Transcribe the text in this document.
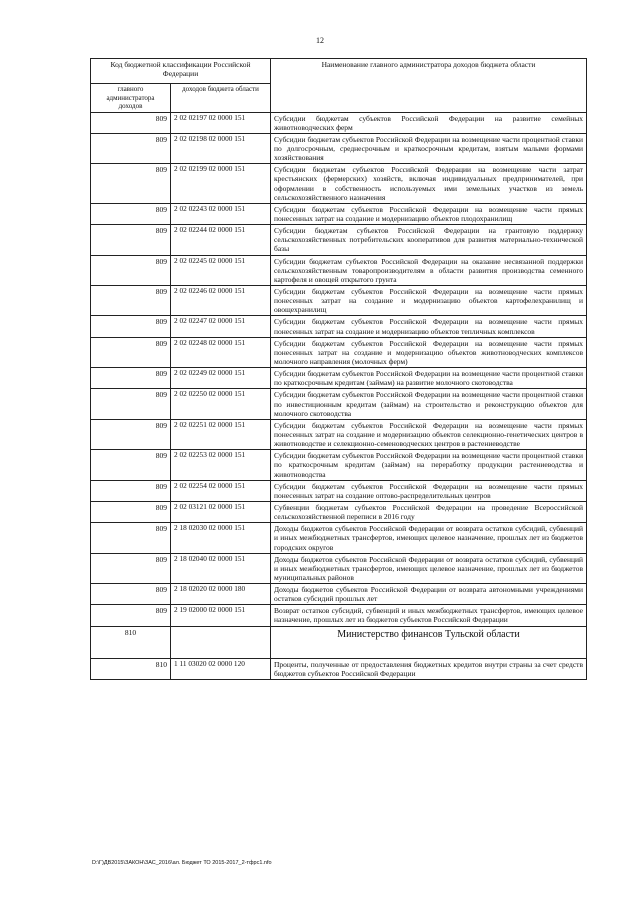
12
Код бюджетной классификации Российской Федерации		Наименование главного администратора доходов бюджета области
главного администратора доходов	доходов бюджета области	
809	2 02 02197 02 0000 151	Субсидии бюджетам субъектов Российской Федерации на развитие семейных животноводческих ферм
809	2 02 02198 02 0000 151	Субсидии бюджетам субъектов Российской Федерации на возмещение части процентной ставки по долгосрочным, среднесрочным и краткосрочным кредитам, взятым малыми формами хозяйствования
809	2 02 02199 02 0000 151	Субсидии бюджетам субъектов Российской Федерации на возмещение части затрат крестьянских (фермерских) хозяйств, включая индивидуальных предпринимателей, при оформлении в собственность используемых ими земельных участков из земель сельскохозяйственного назначения
809	2 02 02243 02 0000 151	Субсидии бюджетам субъектов Российской Федерации на возмещение части прямых понесенных затрат на создание и модернизацию объектов плодохранилищ
809	2 02 02244 02 0000 151	Субсидии бюджетам субъектов Российской Федерации на грантовую поддержку сельскохозяйственных потребительских кооперативов для развития материально-технической базы
809	2 02 02245 02 0000 151	Субсидии бюджетам субъектов Российской Федерации на оказание несвязанной поддержки сельскохозяйственным товаропроизводителям в области развития производства семенного картофеля и овощей открытого грунта
809	2 02 02246 02 0000 151	Субсидии бюджетам субъектов Российской Федерации на возмещение части прямых понесенных затрат на создание и модернизацию объектов картофелехранилищ и овощехранилищ
809	2 02 02247 02 0000 151	Субсидии бюджетам субъектов Российской Федерации на возмещение части прямых понесенных затрат на создание и модернизацию объектов тепличных комплексов
809	2 02 02248 02 0000 151	Субсидии бюджетам субъектов Российской Федерации на возмещение части прямых понесенных затрат на создание и модернизацию объектов животноводческих комплексов молочного направления (молочных ферм)
809	2 02 02249 02 0000 151	Субсидии бюджетам субъектов Российской Федерации на возмещение части процентной ставки по краткосрочным кредитам (займам) на развитие молочного скотоводства
809	2 02 02250 02 0000 151	Субсидии бюджетам субъектов Российской Федерации на возмещение части процентной ставки по инвестиционным кредитам (займам) на строительство и реконструкцию объектов для молочного скотоводства
809	2 02 02251 02 0000 151	Субсидии бюджетам субъектов Российской Федерации на возмещение части прямых понесенных затрат на создание и модернизацию объектов селекционно-генетических центров в животноводстве и селекционно-семеноводческих центров в растениеводстве
809	2 02 02253 02 0000 151	Субсидии бюджетам субъектов Российской Федерации на возмещение части процентной ставки по краткосрочным кредитам (займам) на переработку продукции растениеводства и животноводства
809	2 02 02254 02 0000 151	Субсидии бюджетам субъектов Российской Федерации на возмещение части прямых понесенных затрат на создание оптово-распределительных центров
809	2 02 03121 02 0000 151	Субвенции бюджетам субъектов Российской Федерации на проведение Всероссийской сельскохозяйственной переписи в 2016 году
809	2 18 02030 02 0000 151	Доходы бюджетов субъектов Российской Федерации от возврата остатков субсидий, субвенций и иных межбюджетных трансфертов, имеющих целевое назначение, прошлых лет из бюджетов городских округов
809	2 18 02040 02 0000 151	Доходы бюджетов субъектов Российской Федерации от возврата остатков субсидий, субвенций и иных межбюджетных трансфертов, имеющих целевое назначение, прошлых лет из бюджетов муниципальных районов
809	2 18 02020 02 0000 180	Доходы бюджетов субъектов Российской Федерации от возврата автономными учреждениями остатков субсидий прошлых лет
809	2 19 02000 02 0000 151	Возврат остатков субсидий, субвенций и иных межбюджетных трансфертов, имеющих целевое назначение, прошлых лет из бюджетов субъектов Российской Федерации
810		Министерство финансов Тульской области
810	1 11 03020 02 0000 120	Проценты, полученные от предоставления бюджетных кредитов внутри страны за счет средств бюджетов субъектов Российской Федерации
D:\Г)ДВ2015\ЗАКОН\ЗАС_2016\ал. Бюджет ТО 2015-2017_2-тфрс1.nfo
